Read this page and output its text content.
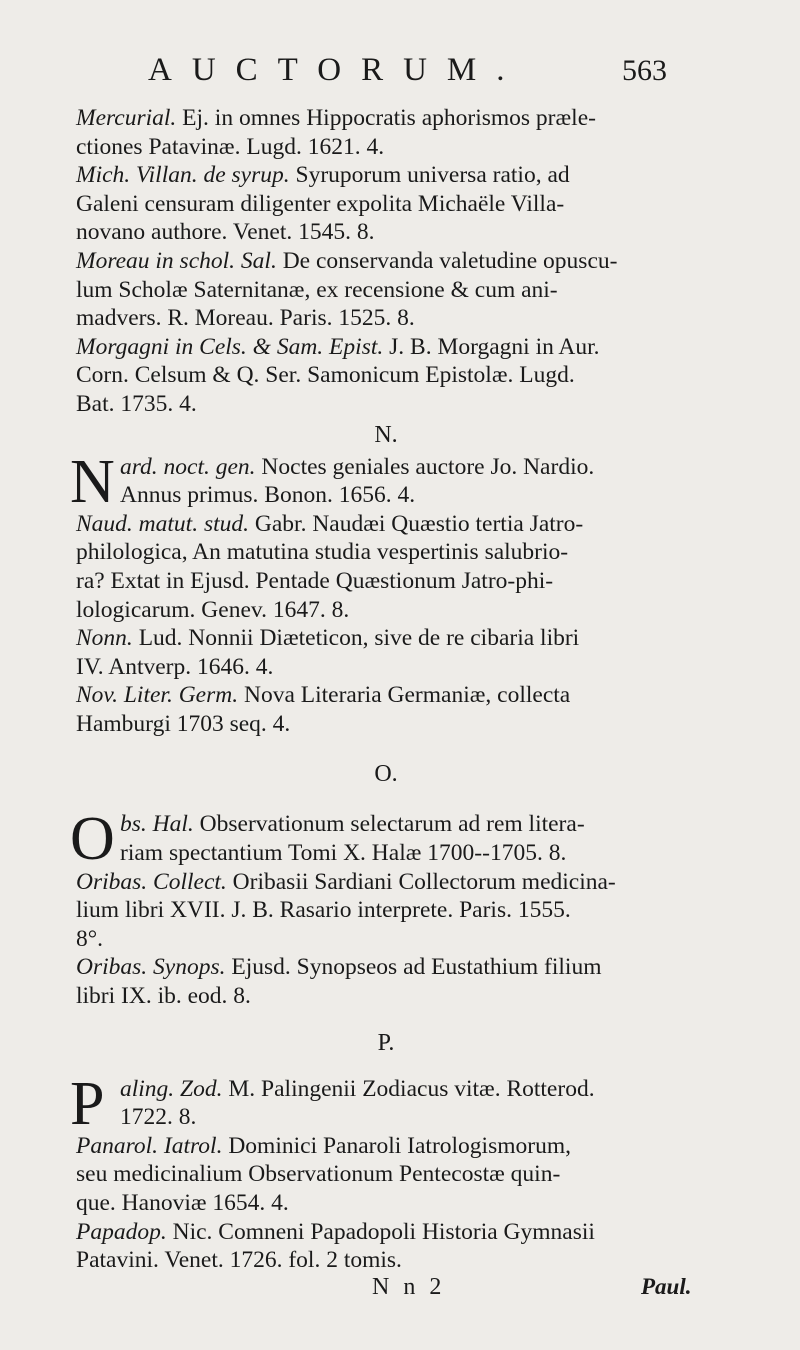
AUCTORUM.	563

Mercurial. Ej. in omnes Hippocratis aphorismos præle-
ctiones Patavinæ. Lugd. 1621. 4.

Mich. Villan. de syrup. Syruporum universa ratio, ad
Galeni censuram diligenter expolita Michaële Villa-
novano authore. Venet. 1545. 8.

Moreau in schol. Sal. De conservanda valetudine opuscu-
lum Scholæ Saternitanæ, ex recensione & cum ani-
madvers. R. Moreau. Paris. 1525. 8.

Morgagni in Cels. & Sam. Epist. J. B. Morgagni in Aur.
Corn. Celsum & Q. Ser. Samonicum Epistolæ. Lugd.
Bat. 1735. 4.

N.
N ard. noct. gen. Noctes geniales auctore Jo. Nardio.
Annus primus. Bonon. 1656. 4.

Naud. matut. stud. Gabr. Naudæi Quæstio tertia Jatro-
philologica, An matutina studia vespertinis salubrio-
ra? Extat in Ejusd. Pentade Quæstionum Jatro-phi-
lologicarum. Genev. 1647. 8.

Nonn. Lud. Nonnii Diæteticon, sive de re cibaria libri
IV. Antverp. 1646. 4.

Nov. Liter. Germ. Nova Literaria Germaniæ, collecta
Hamburgi 1703 seq. 4.

O.
O bs. Hal. Observationum selectarum ad rem litera-
riam spectantium Tomi X. Halæ 1700--1705. 8.

Oribas. Collect. Oribasii Sardiani Collectorum medicina-
lium libri XVII. J. B. Rasario interprete. Paris. 1555.
8°.

Oribas. Synops. Ejusd. Synopseos ad Eustathium filium
libri IX. ib. eod. 8.

P.
P aling. Zod. M. Palingenii Zodiacus vitæ. Rotterod.
1722. 8.

Panarol. Iatrol. Dominici Panaroli Iatrologismorum,
seu medicinalium Observationum Pentecostæ quin-
que. Hanoviæ 1654. 4.

Papadop. Nic. Comneni Papadopoli Historia Gymnasii
Patavini. Venet. 1726. fol. 2 tomis.

N n 2	Paul.
